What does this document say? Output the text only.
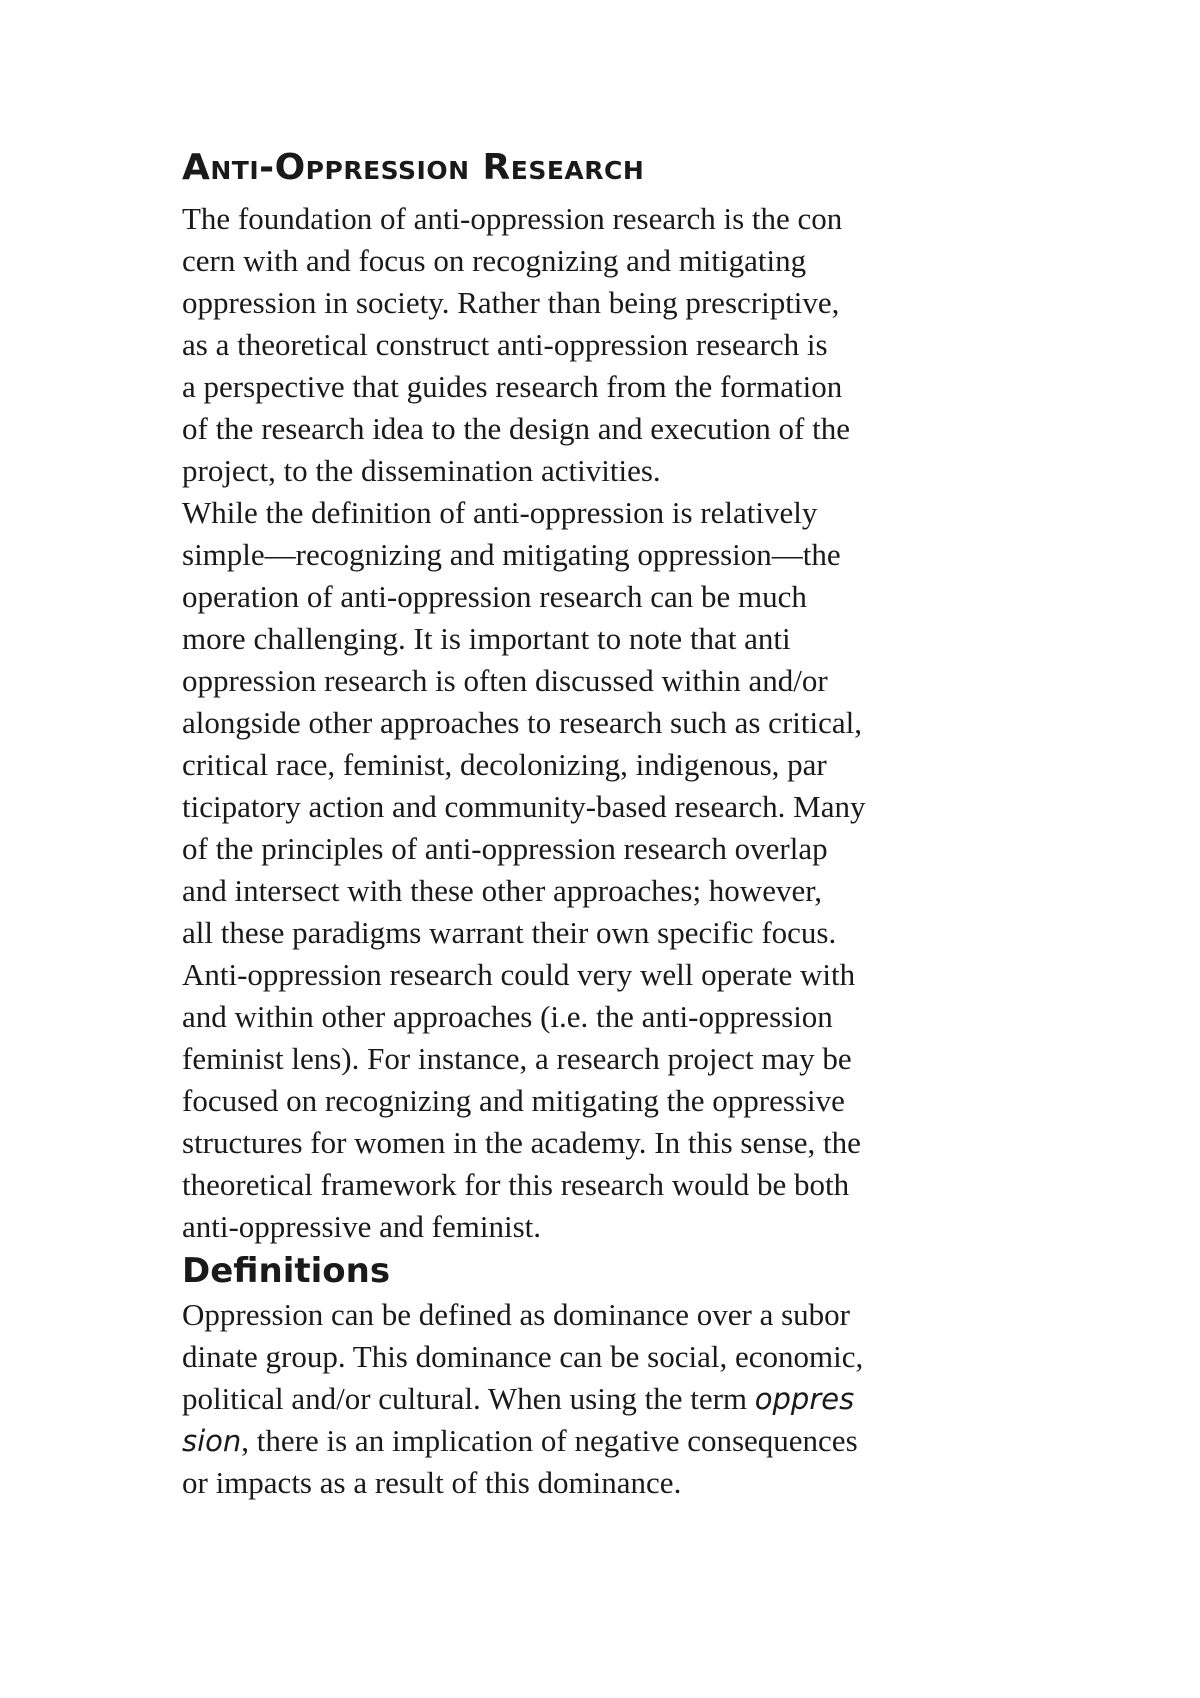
Anti-Oppression Research
The foundation of anti-oppression research is the con
cern with and focus on recognizing and mitigating
oppression in society. Rather than being prescriptive,
as a theoretical construct anti-oppression research is
a perspective that guides research from the formation
of the research idea to the design and execution of the
project, to the dissemination activities.
While the definition of anti-oppression is relatively
simple—recognizing and mitigating oppression—the
operation of anti-oppression research can be much
more challenging. It is important to note that anti
oppression research is often discussed within and/or
alongside other approaches to research such as critical,
critical race, feminist, decolonizing, indigenous, par
ticipatory action and community-based research. Many
of the principles of anti-oppression research overlap
and intersect with these other approaches; however,
all these paradigms warrant their own specific focus.
Anti-oppression research could very well operate with
and within other approaches (i.e. the anti-oppression
feminist lens). For instance, a research project may be
focused on recognizing and mitigating the oppressive
structures for women in the academy. In this sense, the
theoretical framework for this research would be both
anti-oppressive and feminist.
Definitions
Oppression can be defined as dominance over a subor
dinate group. This dominance can be social, economic,
political and/or cultural. When using the term oppres
sion, there is an implication of negative consequences
or impacts as a result of this dominance.
